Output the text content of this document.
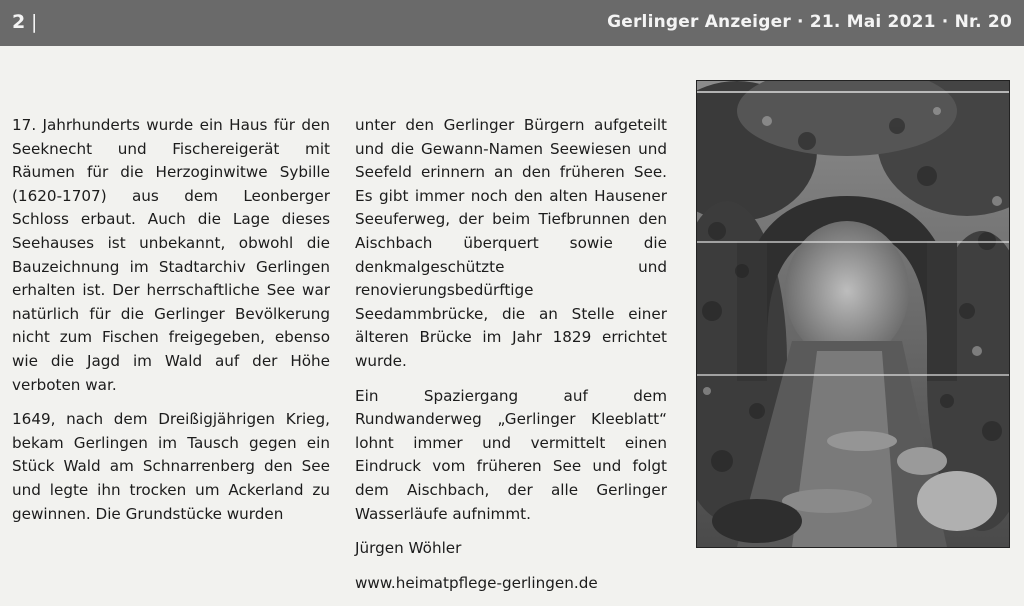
2 |	Gerlinger Anzeiger · 21. Mai 2021 · Nr. 20

17. Jahrhunderts wurde ein Haus für den Seeknecht und Fischereigerät mit Räumen für die Herzoginwitwe Sybille (1620-1707) aus dem Leonberger Schloss erbaut. Auch die Lage dieses Seehauses ist unbekannt, obwohl die Bauzeichnung im Stadtarchiv Gerlingen erhalten ist. Der herrschaftliche See war natürlich für die Gerlinger Bevölkerung nicht zum Fischen freigegeben, ebenso wie die Jagd im Wald auf der Höhe verboten war.

1649, nach dem Dreißigjährigen Krieg, bekam Gerlingen im Tausch gegen ein Stück Wald am Schnarrenberg den See und legte ihn trocken um Ackerland zu gewinnen. Die Grundstücke wurden

unter den Gerlinger Bürgern aufgeteilt und die Gewann-Namen Seewiesen und Seefeld erinnern an den früheren See. Es gibt immer noch den alten Hausener Seeuferweg, der beim Tiefbrunnen den Aischbach überquert sowie die denkmalgeschützte und renovierungsbedürftige Seedammbrücke, die an Stelle einer älteren Brücke im Jahr 1829 errichtet wurde.

Ein Spaziergang auf dem Rundwanderweg „Gerlinger Kleeblatt“ lohnt immer und vermittelt einen Eindruck vom früheren See und folgt dem Aischbach, der alle Gerlinger Wasserläufe aufnimmt.

Jürgen Wöhler

www.heimatpflege-gerlingen.de
